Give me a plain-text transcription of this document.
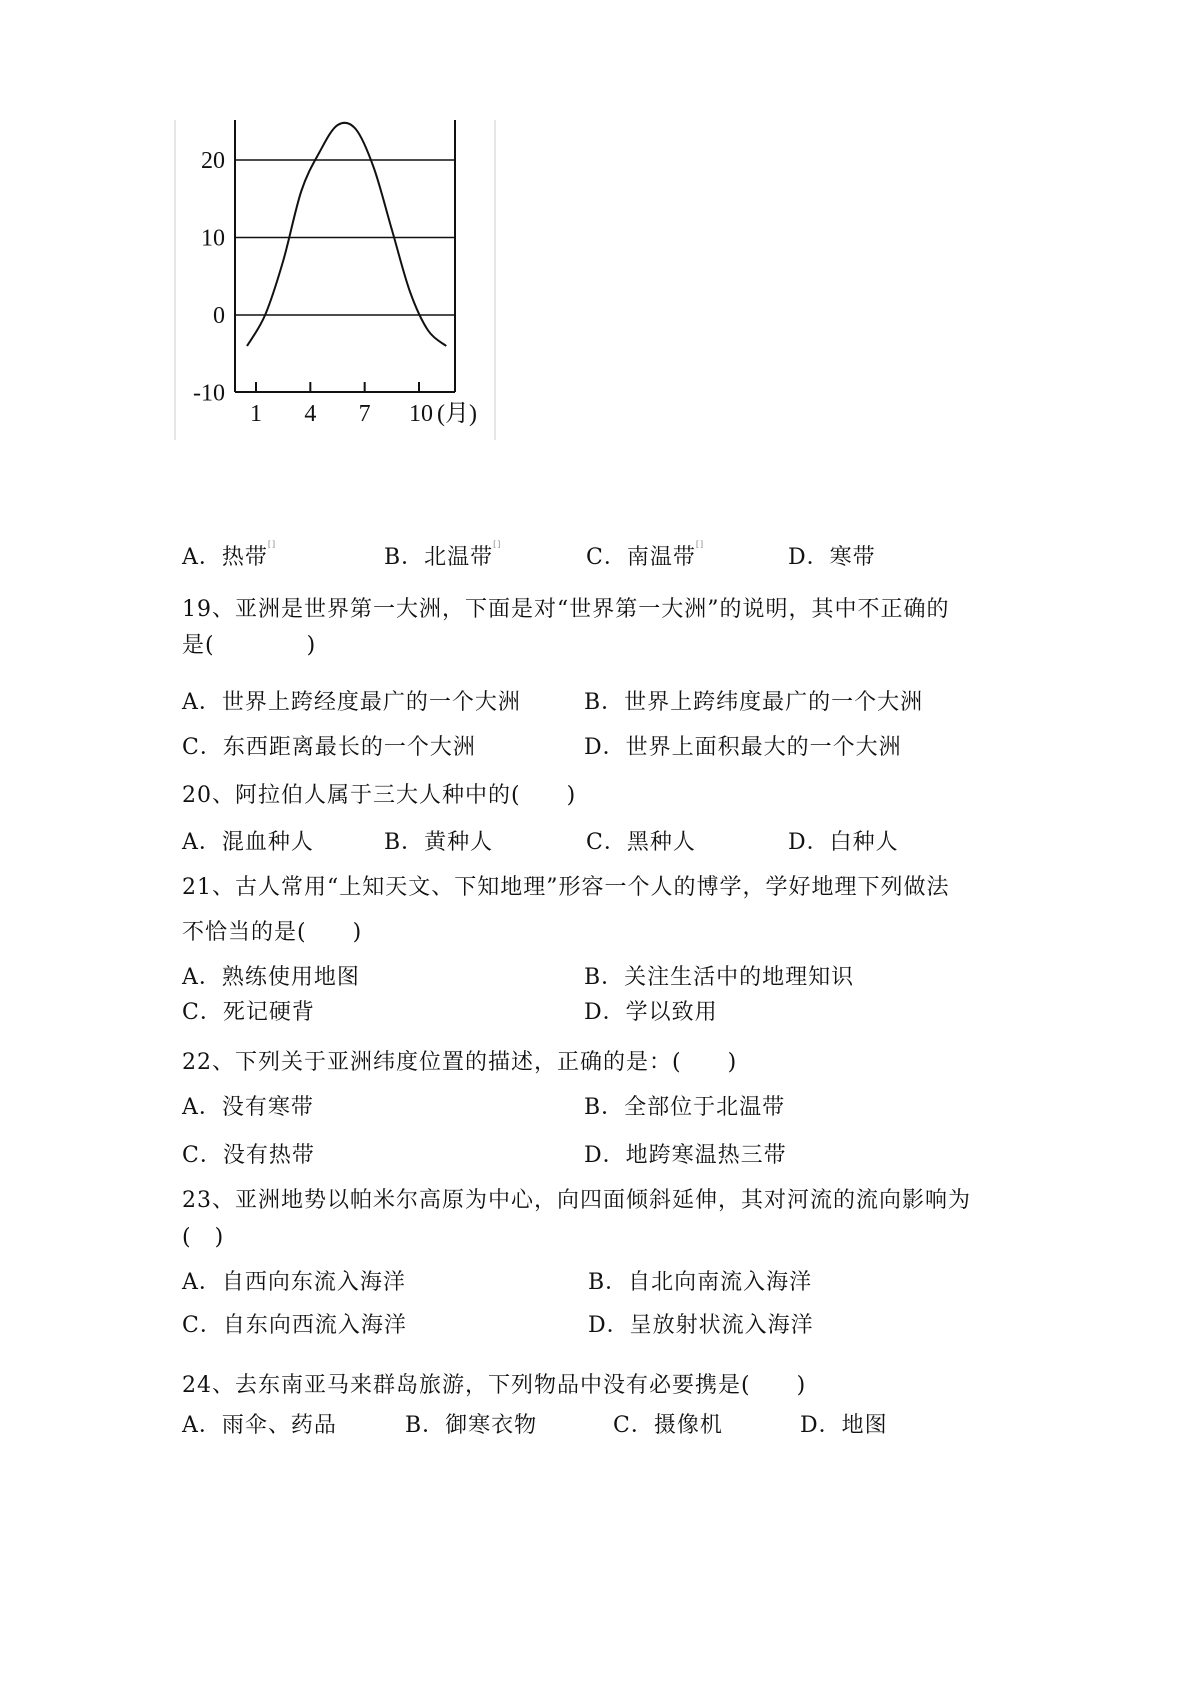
20
10
0
-10
1 4 7 10 (月)
A．热带[]
B．北温带[]
C．南温带[]
D．寒带
19、亚洲是世界第一大洲，下面是对“世界第一大洲”的说明，其中不正确的
是(　　　　)
A．世界上跨经度最广的一个大洲	B．世界上跨纬度最广的一个大洲
C．东西距离最长的一个大洲	D．世界上面积最大的一个大洲
20、阿拉伯人属于三大人种中的(　　)
A．混血种人	B．黄种人	C．黑种人	D．白种人
21、古人常用“上知天文、下知地理”形容一个人的博学，学好地理下列做法
不恰当的是(　　)
A．熟练使用地图	B．关注生活中的地理知识
C．死记硬背	D．学以致用
22、下列关于亚洲纬度位置的描述，正确的是：(　　)
A．没有寒带	B．全部位于北温带
C．没有热带	D．地跨寒温热三带
23、亚洲地势以帕米尔高原为中心，向四面倾斜延伸，其对河流的流向影响为
(　)
A．自西向东流入海洋	B．自北向南流入海洋
C．自东向西流入海洋	D．呈放射状流入海洋
24、去东南亚马来群岛旅游，下列物品中没有必要携是(　　)
A．雨伞、药品	B．御寒衣物	C．摄像机	D．地图
